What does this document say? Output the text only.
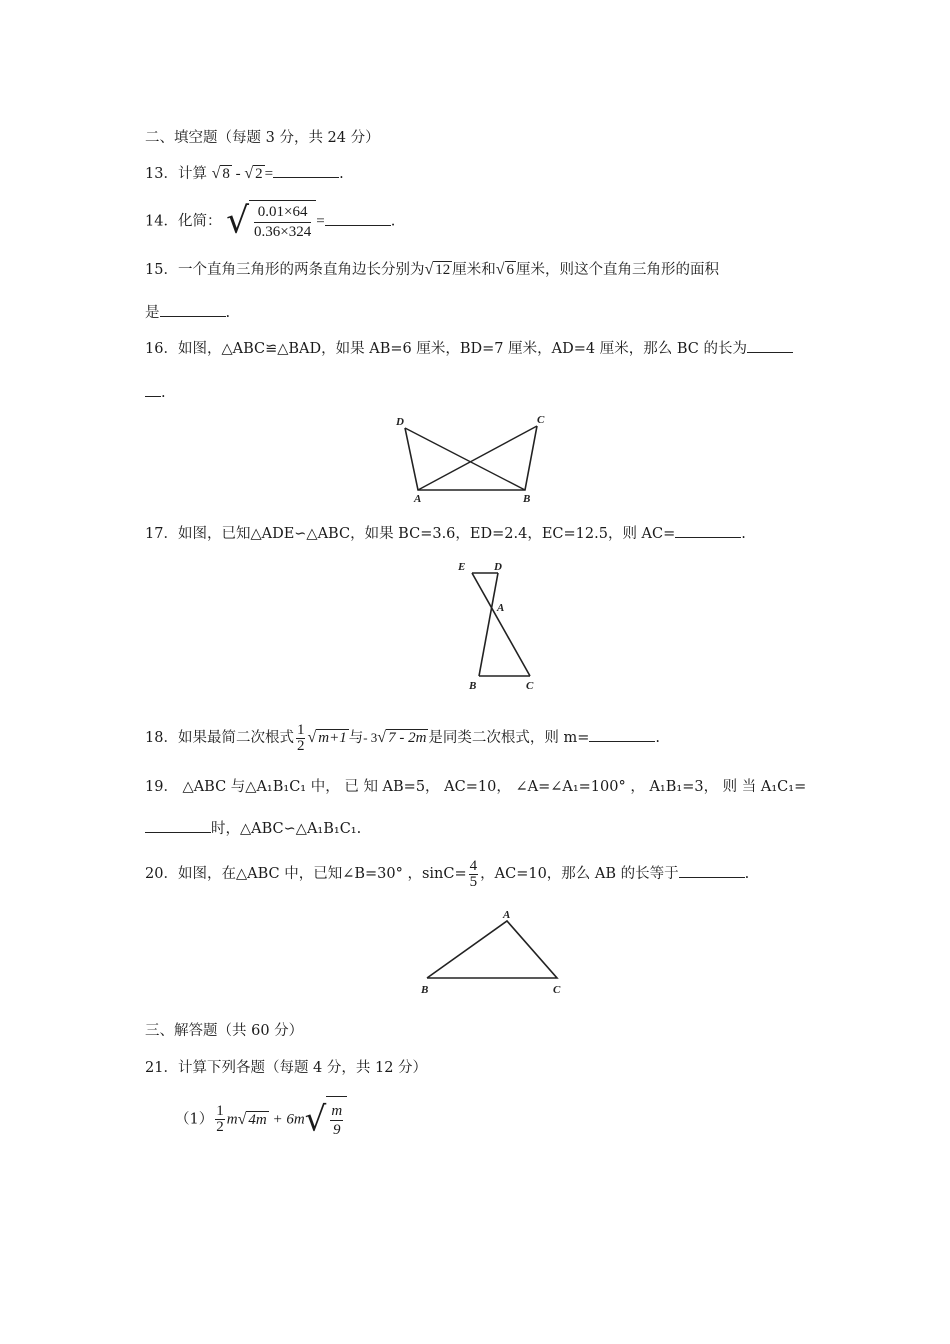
二、填空题（每题 3 分，共 24 分）
13．计算 √ 8 - √ 2 =	.
14．化简： √ $\frac{0.01\times 64}{0.36\times 324}$ =	.
15．一个直角三角形的两条直角边长分别为√ 12 厘米和√ 6 厘米，则这个直角三角形的面积
是	.
16．如图，△ABC≌△BAD，如果 AB=6 厘米，BD=7 厘米，AD=4 厘米，那么 BC 的长为
.
D	C
A	B
17．如图，已知△ADE∽△ABC，如果 BC=3.6，ED=2.4，EC=12.5，则 AC=	.
E	D
A
B	C
18．如果最简二次根式 $\frac{1}{2}$ √ m+1 与- 3√ 7 - 2m 是同类二次根式，则 m=	.
19． △ABC 与△A₁B₁C₁ 中， 已 知 AB=5， AC=10， ∠A=∠A₁=100° ， A₁B₁=3， 则 当 A₁C₁=
时，△ABC∽△A₁B₁C₁.
20．如图，在△ABC 中，已知∠B=30° ，$\sin C= \frac{4}{5}$ ，AC=10，那么 AB 的长等于	.
A
B	C
三、解答题（共 60 分）
21．计算下列各题（每题 4 分，共 12 分）
$(1) \frac{1}{2} m√$ $4m + 6m√ \frac{m}{9}$
